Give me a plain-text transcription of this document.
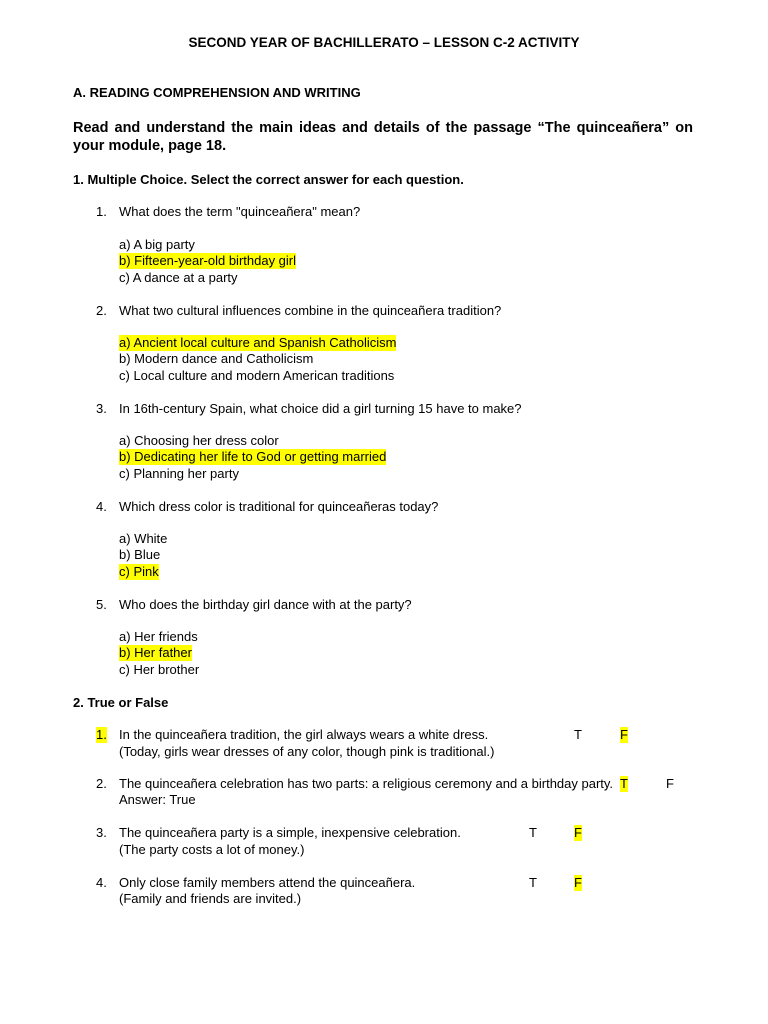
SECOND YEAR OF BACHILLERATO – LESSON C-2 ACTIVITY
A. READING COMPREHENSION AND WRITING
Read and understand the main ideas and details of the passage “The quinceañera” on your module, page 18.
1. Multiple Choice. Select the correct answer for each question.
1. What does the term "quinceañera" mean?
a) A big party
b) Fifteen-year-old birthday girl
c) A dance at a party
2. What two cultural influences combine in the quinceañera tradition?
a) Ancient local culture and Spanish Catholicism
b) Modern dance and Catholicism
c) Local culture and modern American traditions
3. In 16th-century Spain, what choice did a girl turning 15 have to make?
a) Choosing her dress color
b) Dedicating her life to God or getting married
c) Planning her party
4. Which dress color is traditional for quinceañeras today?
a) White
b) Blue
c) Pink
5. Who does the birthday girl dance with at the party?
a) Her friends
b) Her father
c) Her brother
2. True or False
1. In the quinceañera tradition, the girl always wears a white dress.	T	F
(Today, girls wear dresses of any color, though pink is traditional.)
2. The quinceañera celebration has two parts: a religious ceremony and a birthday party. T	F
Answer: True
3. The quinceañera party is a simple, inexpensive celebration.	T	F
(The party costs a lot of money.)
4. Only close family members attend the quinceañera.	T	F
(Family and friends are invited.)
